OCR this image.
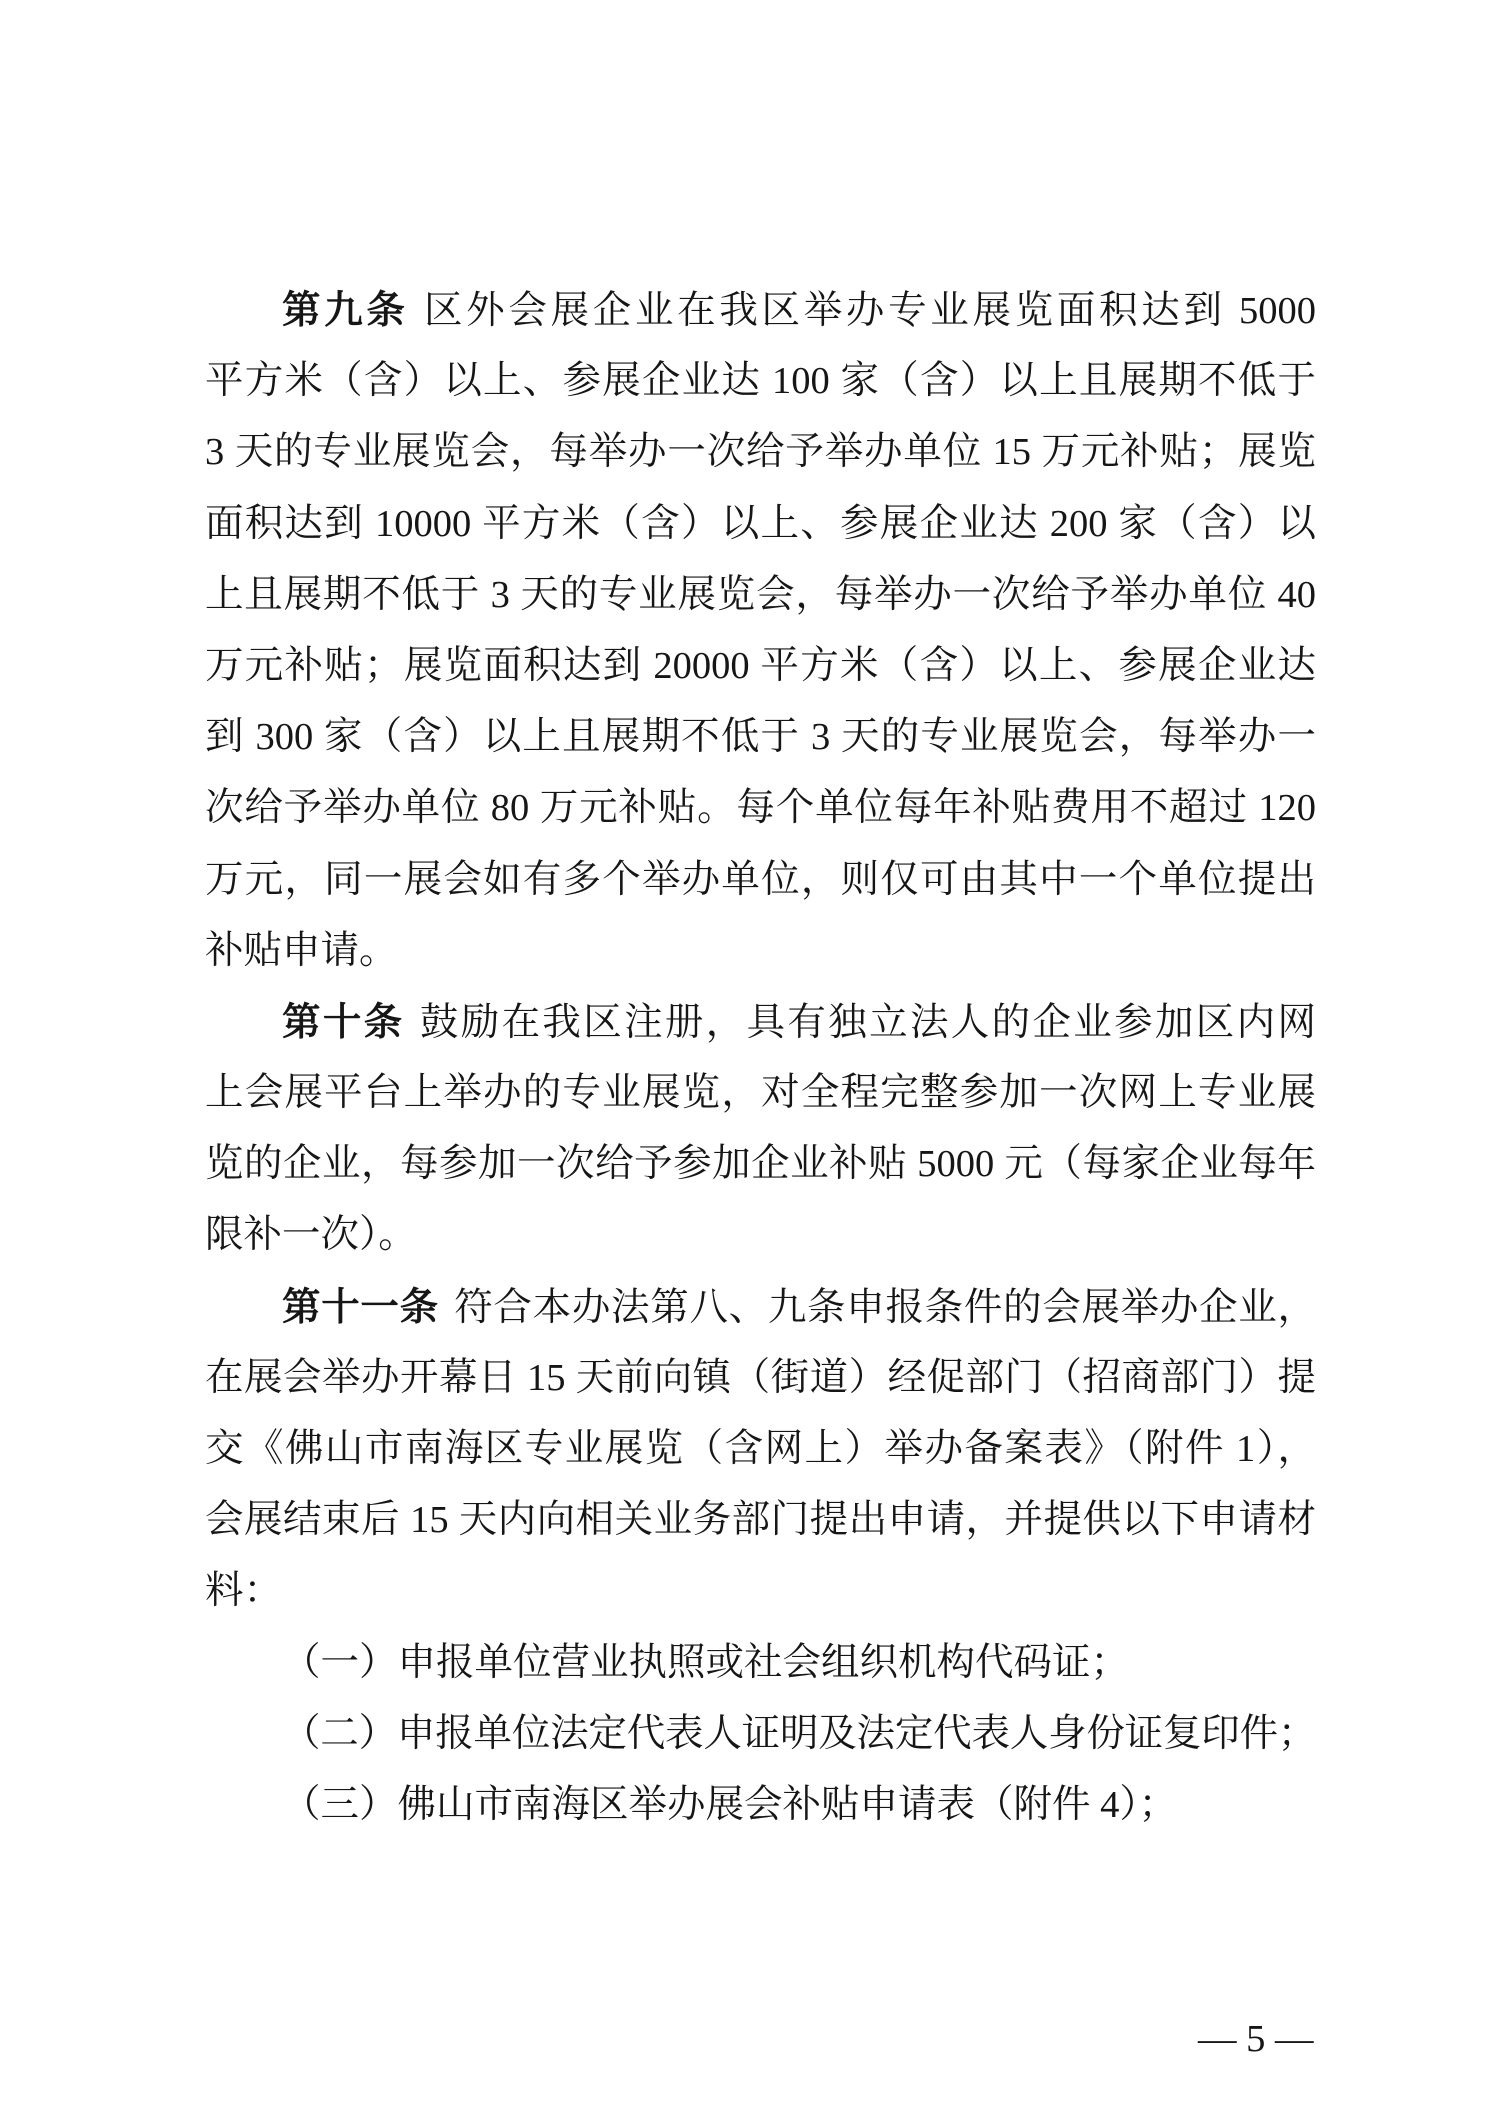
第九条 区外会展企业在我区举办专业展览面积达到 5000
平方米（含）以上、参展企业达 100 家（含）以上且展期不低于
3 天的专业展览会，每举办一次给予举办单位 15 万元补贴；展览
面积达到 10000 平方米（含）以上、参展企业达 200 家（含）以
上且展期不低于 3 天的专业展览会，每举办一次给予举办单位 40
万元补贴；展览面积达到 20000 平方米（含）以上、参展企业达
到 300 家（含）以上且展期不低于 3 天的专业展览会，每举办一
次给予举办单位 80 万元补贴。每个单位每年补贴费用不超过 120
万元，同一展会如有多个举办单位，则仅可由其中一个单位提出
补贴申请。
第十条 鼓励在我区注册，具有独立法人的企业参加区内网
上会展平台上举办的专业展览，对全程完整参加一次网上专业展
览的企业，每参加一次给予参加企业补贴 5000 元（每家企业每年
限补一次）。
第十一条 符合本办法第八、九条申报条件的会展举办企业，
在展会举办开幕日 15 天前向镇（街道）经促部门（招商部门）提
交《佛山市南海区专业展览（含网上）举办备案表》（附件 1），
会展结束后 15 天内向相关业务部门提出申请，并提供以下申请材
料：
（一）申报单位营业执照或社会组织机构代码证；
（二）申报单位法定代表人证明及法定代表人身份证复印件；
（三）佛山市南海区举办展会补贴申请表（附件 4）；
— 5 —
